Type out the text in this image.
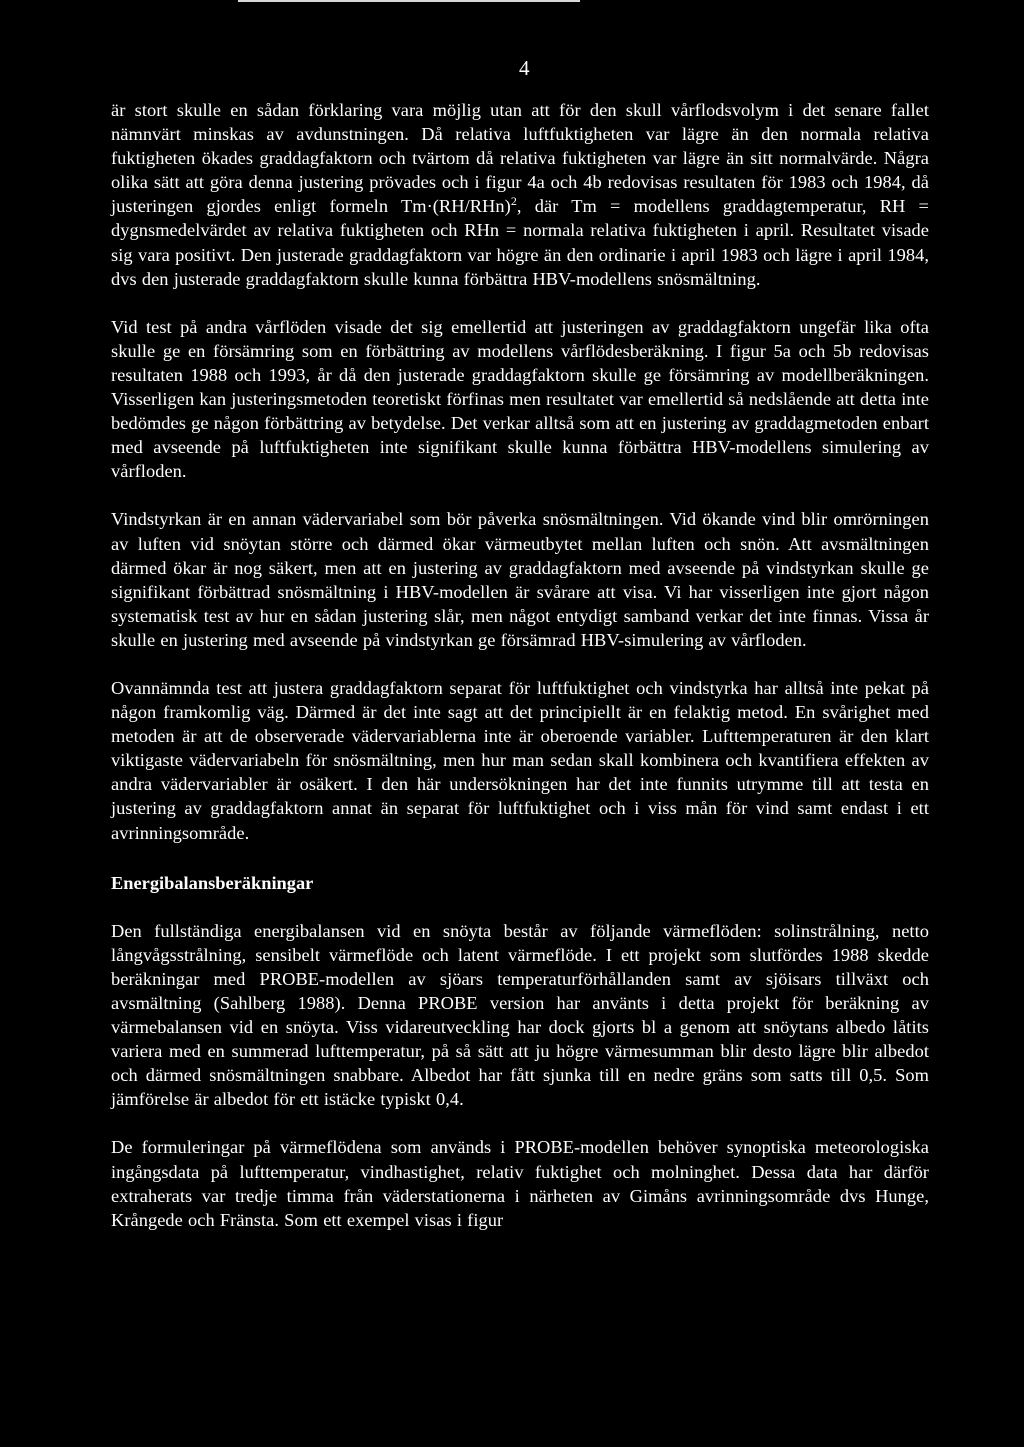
4

är stort skulle en sådan förklaring vara möjlig utan att för den skull vårflodsvolym i det senare fallet nämnvärt minskas av avdunstningen. Då relativa luftfuktigheten var lägre än den normala relativa fuktigheten ökades graddagfaktorn och tvärtom då relativa fuktigheten var lägre än sitt normalvärde. Några olika sätt att göra denna justering prövades och i figur 4a och 4b redovisas resultaten för 1983 och 1984, då justeringen gjordes enligt formeln $Tm\cdot(RH/RHn)^2$, där Tm = modellens graddagtemperatur, RH = dygnsmedelvärdet av relativa fuktigheten och RHn = normala relativa fuktigheten i april. Resultatet visade sig vara positivt. Den justerade graddagfaktorn var högre än den ordinarie i april 1983 och lägre i april 1984, dvs den justerade graddagfaktorn skulle kunna förbättra HBV-modellens snösmältning.

Vid test på andra vårflöden visade det sig emellertid att justeringen av graddagfaktorn ungefär lika ofta skulle ge en försämring som en förbättring av modellens vårflödesberäkning. I figur 5a och 5b redovisas resultaten 1988 och 1993, år då den justerade graddagfaktorn skulle ge försämring av modellberäkningen. Visserligen kan justeringsmetoden teoretiskt förfinas men resultatet var emellertid så nedslående att detta inte bedömdes ge någon förbättring av betydelse. Det verkar alltså som att en justering av graddagmetoden enbart med avseende på luftfuktigheten inte signifikant skulle kunna förbättra HBV-modellens simulering av vårfloden.

Vindstyrkan är en annan vädervariabel som bör påverka snösmältningen. Vid ökande vind blir omrörningen av luften vid snöytan större och därmed ökar värmeutbytet mellan luften och snön. Att avsmältningen därmed ökar är nog säkert, men att en justering av graddagfaktorn med avseende på vindstyrkan skulle ge signifikant förbättrad snösmältning i HBV-modellen är svårare att visa. Vi har visserligen inte gjort någon systematisk test av hur en sådan justering slår, men något entydigt samband verkar det inte finnas. Vissa år skulle en justering med avseende på vindstyrkan ge försämrad HBV-simulering av vårfloden.

Ovannämnda test att justera graddagfaktorn separat för luftfuktighet och vindstyrka har alltså inte pekat på någon framkomlig väg. Därmed är det inte sagt att det principiellt är en felaktig metod. En svårighet med metoden är att de observerade vädervariablerna inte är oberoende variabler. Lufttemperaturen är den klart viktigaste vädervariabeln för snösmältning, men hur man sedan skall kombinera och kvantifiera effekten av andra vädervariabler är osäkert. I den här undersökningen har det inte funnits utrymme till att testa en justering av graddagfaktorn annat än separat för luftfuktighet och i viss mån för vind samt endast i ett avrinningsområde.

Energibalansberäkningar

Den fullständiga energibalansen vid en snöyta består av följande värmeflöden: solinstrålning, netto långvågsstrålning, sensibelt värmeflöde och latent värmeflöde. I ett projekt som slutfördes 1988 skedde beräkningar med PROBE-modellen av sjöars temperaturförhållanden samt av sjöisars tillväxt och avsmältning (Sahlberg 1988). Denna PROBE version har använts i detta projekt för beräkning av värmebalansen vid en snöyta. Viss vidareutveckling har dock gjorts bl a genom att snöytans albedo låtits variera med en summerad lufttemperatur, på så sätt att ju högre värmesumman blir desto lägre blir albedot och därmed snösmältningen snabbare. Albedot har fått sjunka till en nedre gräns som satts till 0,5. Som jämförelse är albedot för ett istäcke typiskt 0,4.

De formuleringar på värmeflödena som används i PROBE-modellen behöver synoptiska meteorologiska ingångsdata på lufttemperatur, vindhastighet, relativ fuktighet och molninghet. Dessa data har därför extraherats var tredje timma från väderstationerna i närheten av Gimåns avrinningsområde dvs Hunge, Krångede och Fränsta. Som ett exempel visas i figur
